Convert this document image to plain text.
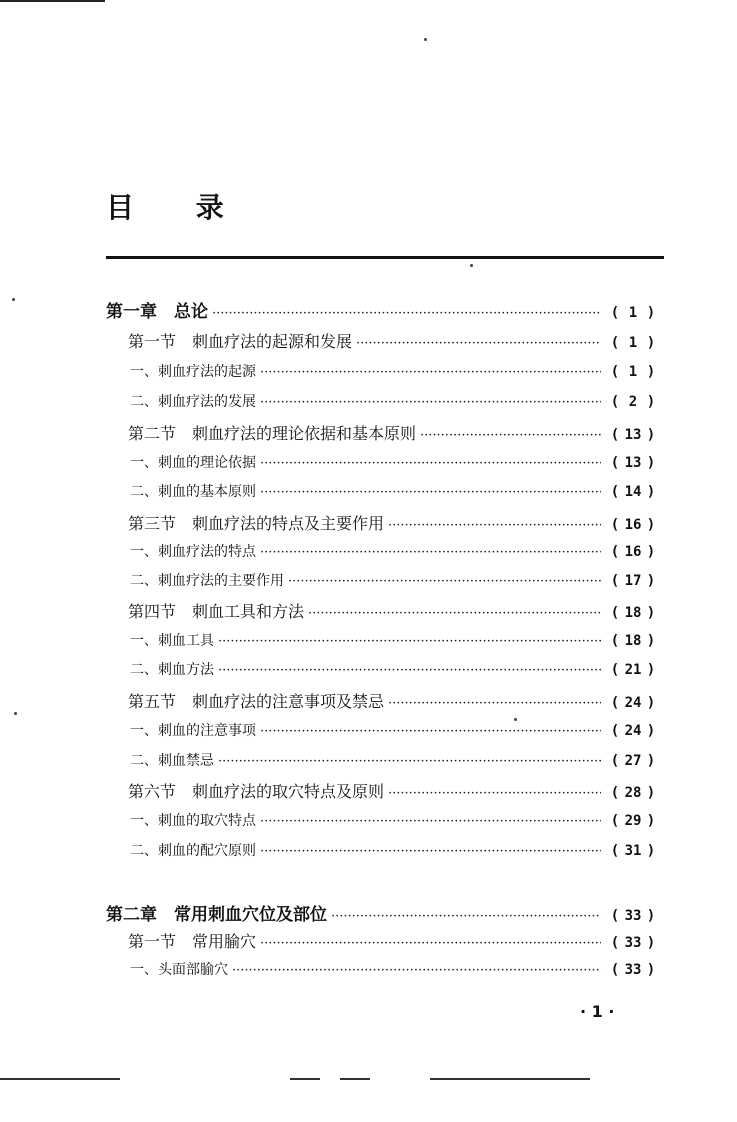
目 录
第一章　总论 ·····	( 1 )
第一节　刺血疗法的起源和发展 ·····	( 1 )
一、刺血疗法的起源 ·····	( 1 )
二、刺血疗法的发展 ·····	( 2 )
第二节　刺血疗法的理论依据和基本原则 ·····	( 13 )
一、刺血的理论依据 ·····	( 13 )
二、刺血的基本原则 ·····	( 14 )
第三节　刺血疗法的特点及主要作用 ·····	( 16 )
一、刺血疗法的特点 ·····	( 16 )
二、刺血疗法的主要作用 ·····	( 17 )
第四节　刺血工具和方法 ·····	( 18 )
一、刺血工具 ·····	( 18 )
二、刺血方法 ·····	( 21 )
第五节　刺血疗法的注意事项及禁忌 ·····	( 24 )
一、刺血的注意事项 ·····	( 24 )
二、刺血禁忌 ·····	( 27 )
第六节　刺血疗法的取穴特点及原则 ·····	( 28 )
一、刺血的取穴特点 ·····	( 29 )
二、刺血的配穴原则 ·····	( 31 )
第二章　常用刺血穴位及部位 ·····	( 33 )
第一节　常用腧穴 ·····	( 33 )
一、头面部腧穴 ·····	( 33 )
· 1 ·
